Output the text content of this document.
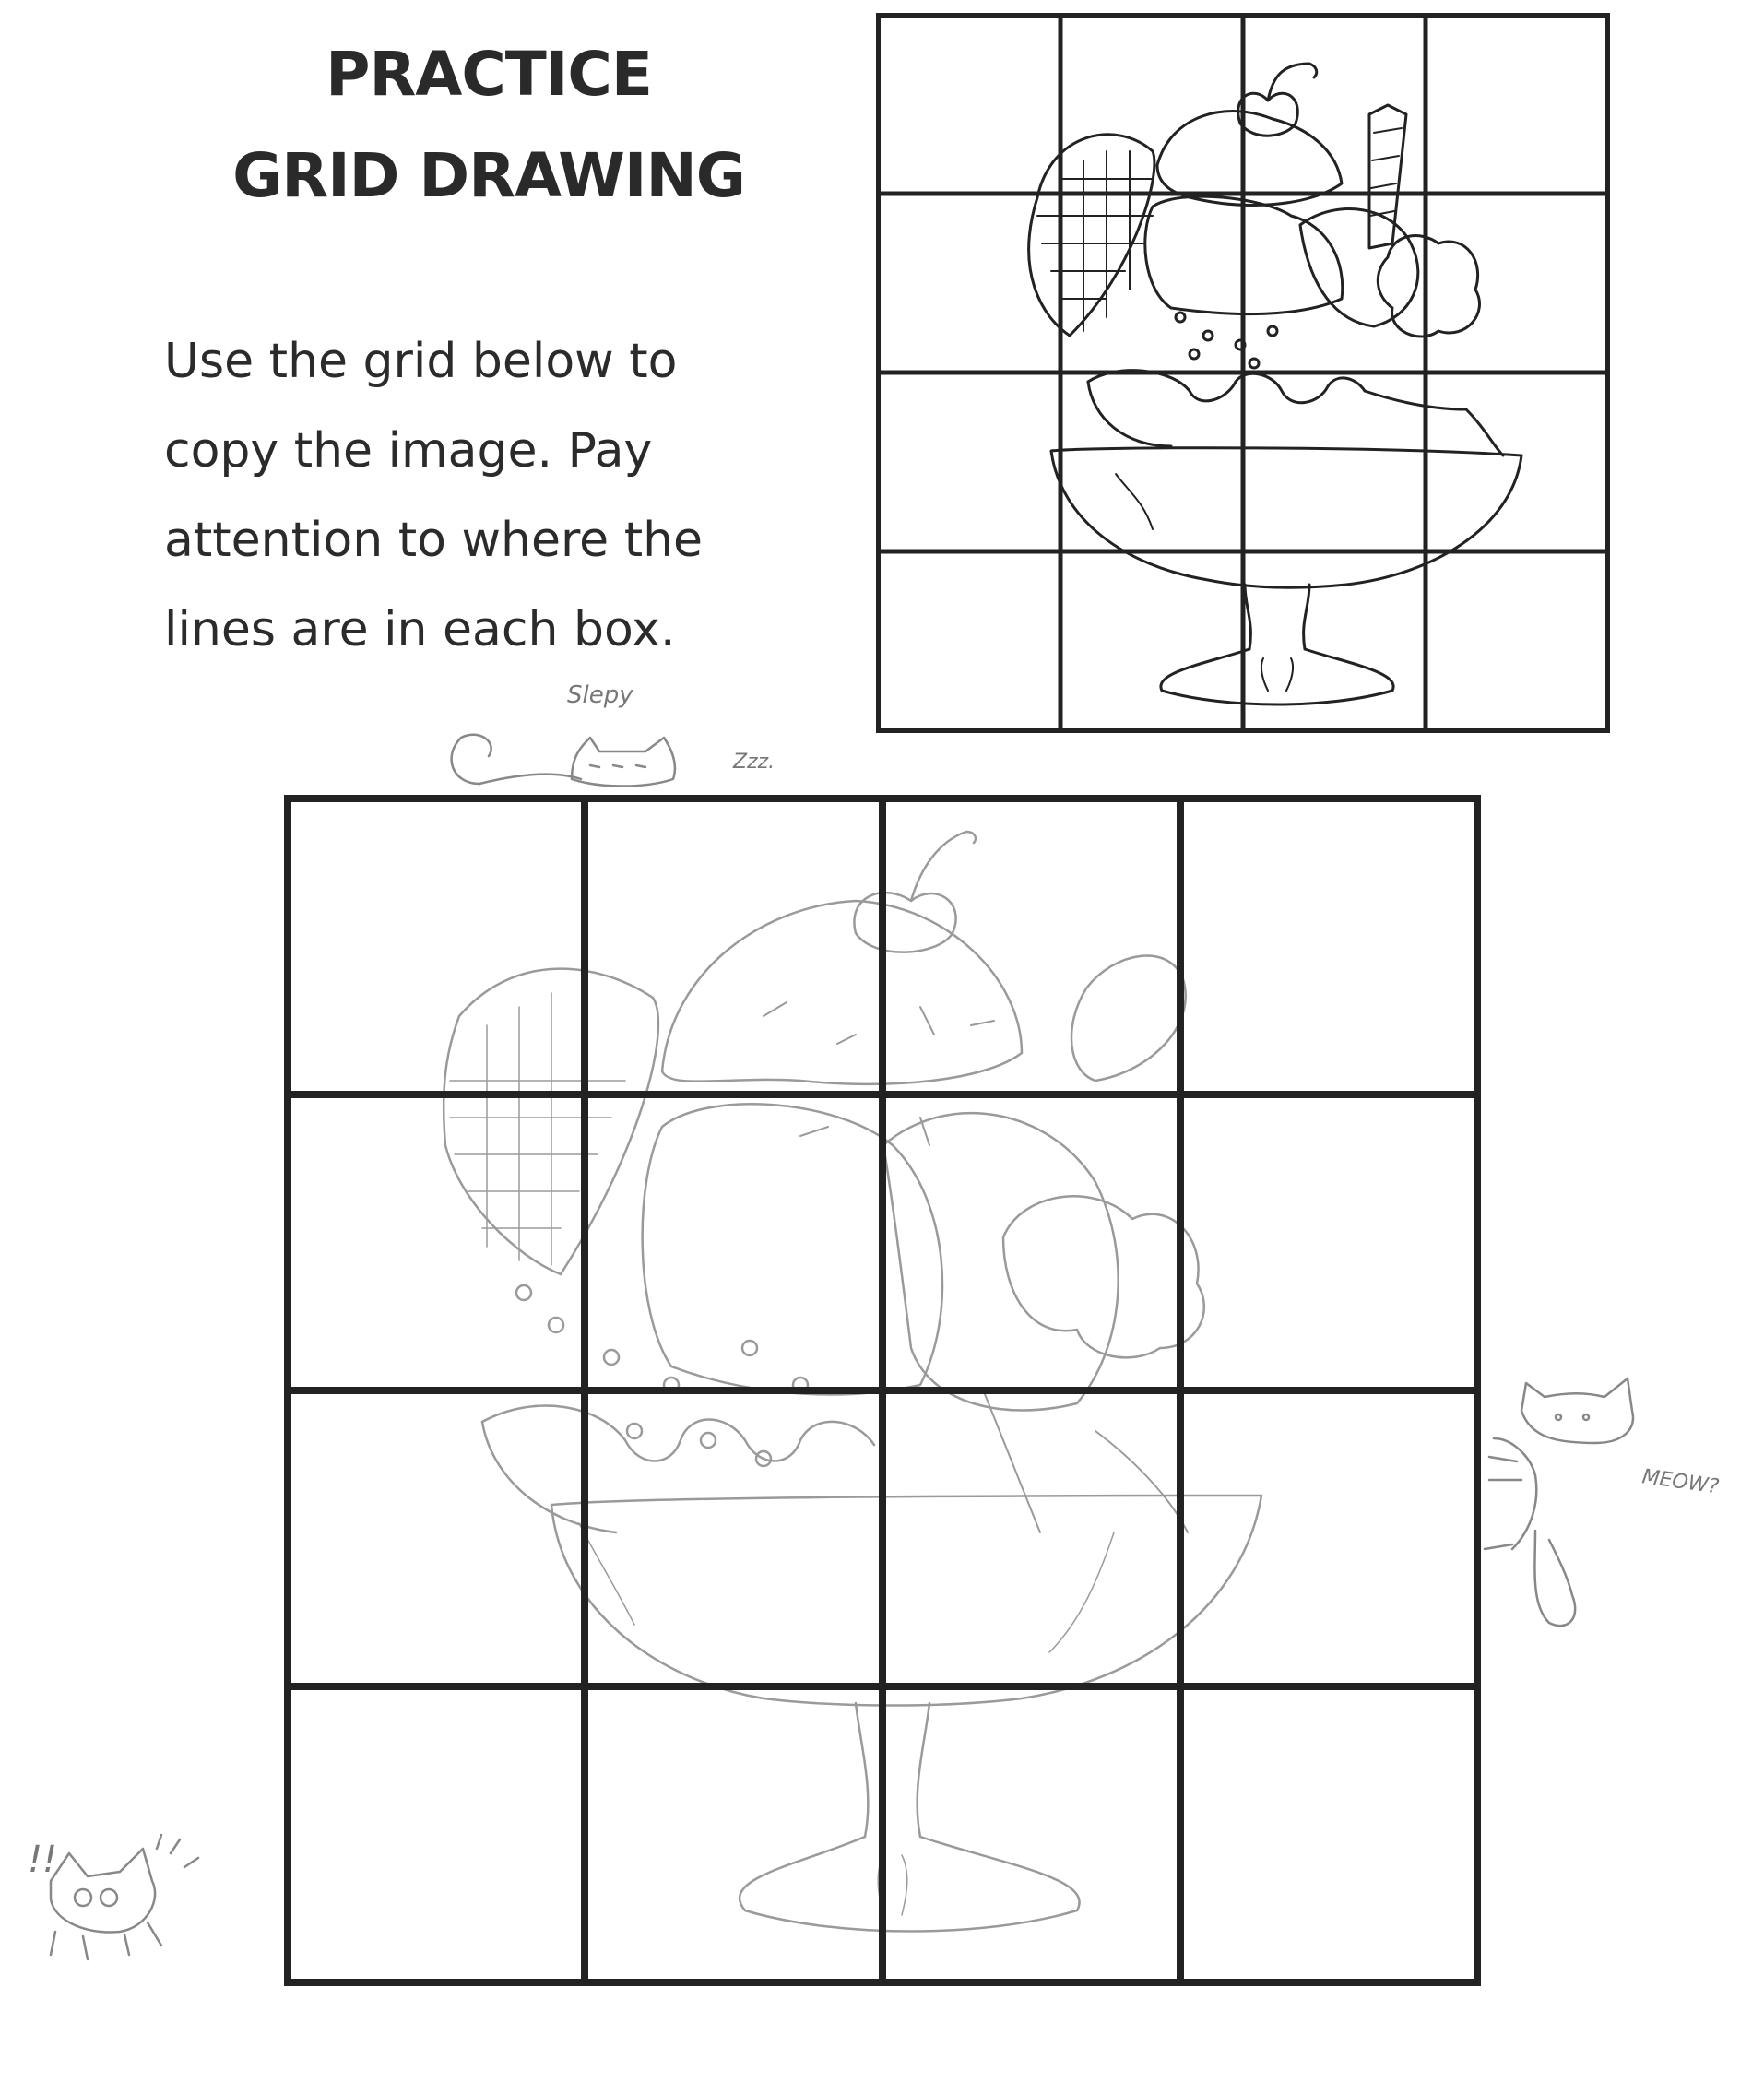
PRACTICE
GRID DRAWING
Use the grid below to
copy the image. Pay
attention to where the
lines are in each box.
Slepy
Zzz.
MEOW?
!!
